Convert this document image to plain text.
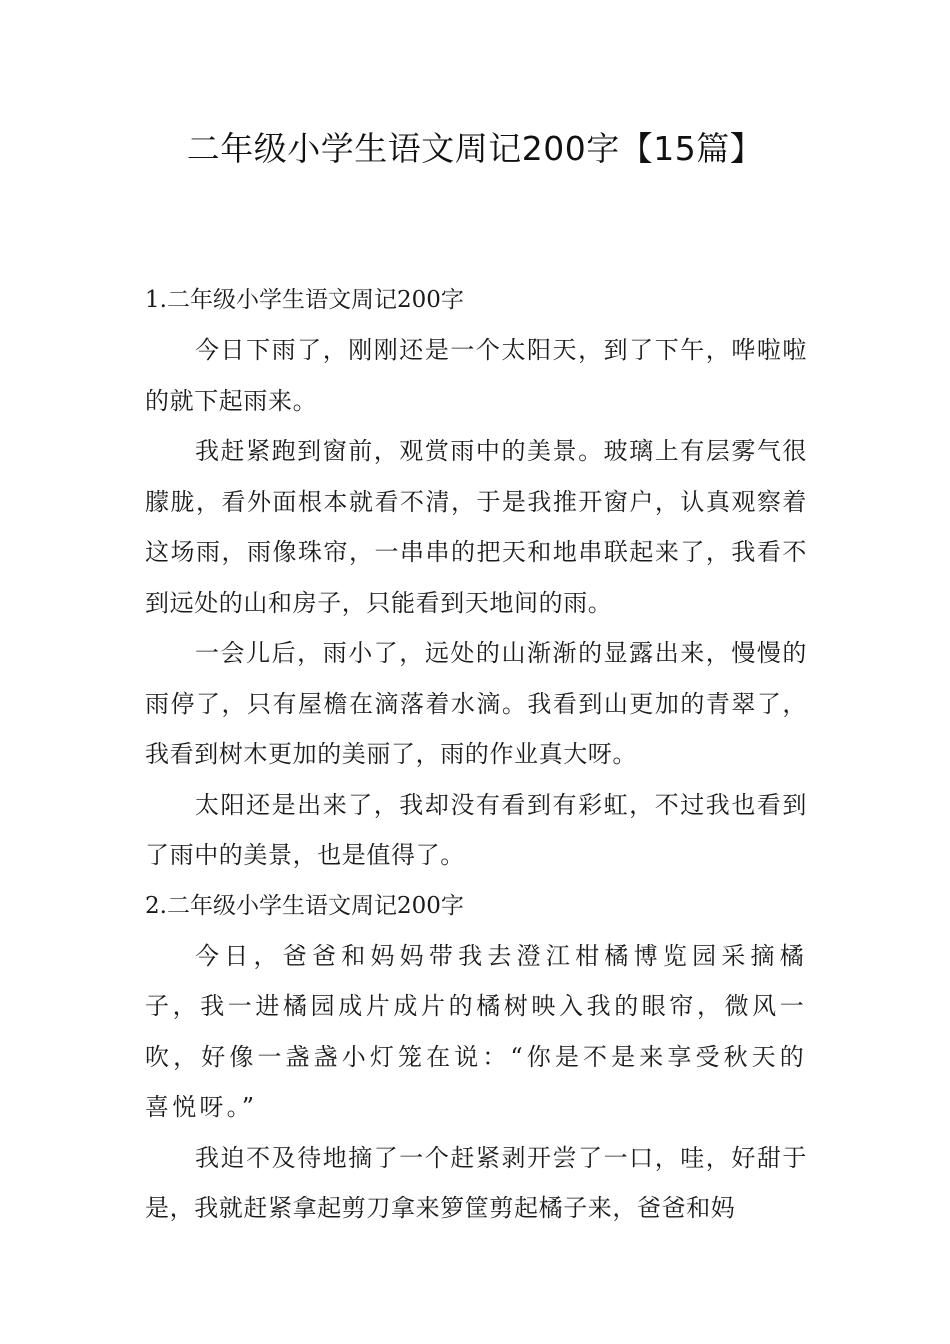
二年级小学生语文周记200字【15篇】

1.二年级小学生语文周记200字

今日下雨了，刚刚还是一个太阳天，到了下午，哗啦啦的就下起雨来。

我赶紧跑到窗前，观赏雨中的美景。玻璃上有层雾气很朦胧，看外面根本就看不清，于是我推开窗户，认真观察着这场雨，雨像珠帘，一串串的把天和地串联起来了，我看不到远处的山和房子，只能看到天地间的雨。

一会儿后，雨小了，远处的山渐渐的显露出来，慢慢的雨停了，只有屋檐在滴落着水滴。我看到山更加的青翠了，我看到树木更加的美丽了，雨的作业真大呀。

太阳还是出来了，我却没有看到有彩虹，不过我也看到了雨中的美景，也是值得了。

2.二年级小学生语文周记200字

今日，爸爸和妈妈带我去澄江柑橘博览园采摘橘子，我一进橘园成片成片的橘树映入我的眼帘，微风一吹，好像一盏盏小灯笼在说：“你是不是来享受秋天的喜悦呀。”

我迫不及待地摘了一个赶紧剥开尝了一口，哇，好甜于是，我就赶紧拿起剪刀拿来箩筐剪起橘子来，爸爸和妈
